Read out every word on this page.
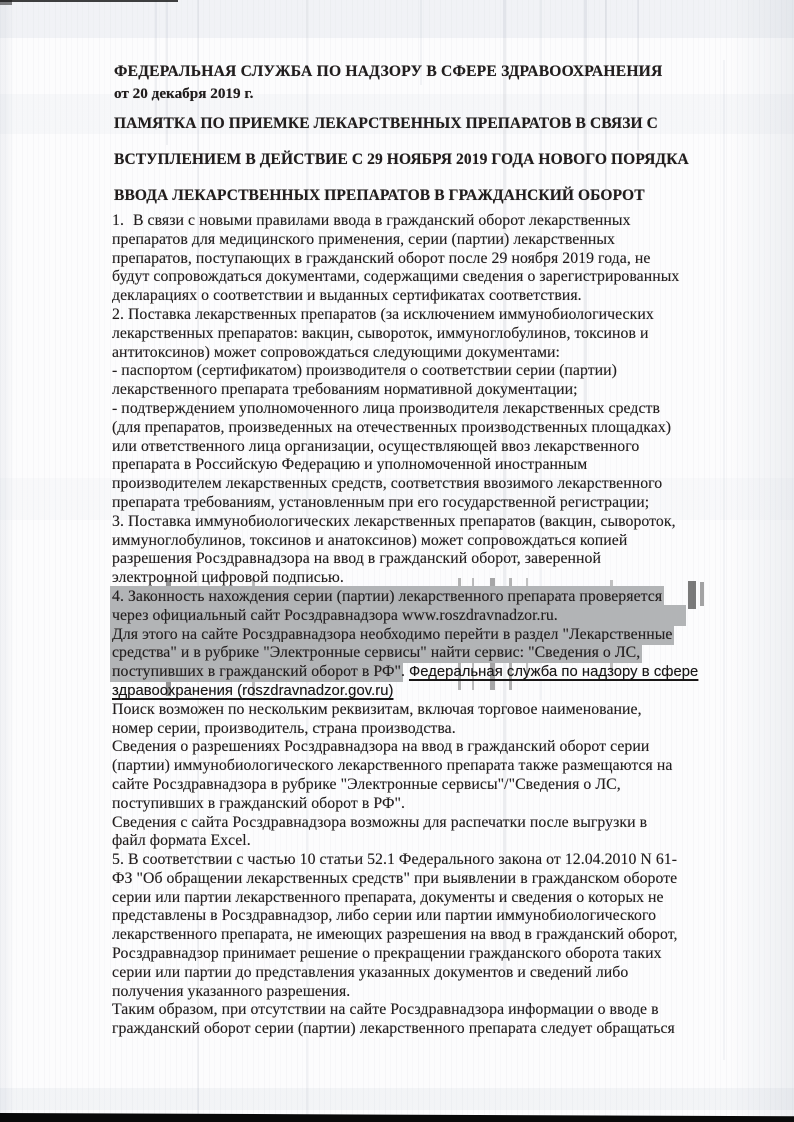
ФЕДЕРАЛЬНАЯ СЛУЖБА ПО НАДЗОРУ В СФЕРЕ ЗДРАВООХРАНЕНИЯ
от 20 декабря 2019 г.
ПАМЯТКА ПО ПРИЕМКЕ ЛЕКАРСТВЕННЫХ ПРЕПАРАТОВ В СВЯЗИ С
ВСТУПЛЕНИЕМ В ДЕЙСТВИЕ С 29 НОЯБРЯ 2019 ГОДА НОВОГО ПОРЯДКА
ВВОДА ЛЕКАРСТВЕННЫХ ПРЕПАРАТОВ В ГРАЖДАНСКИЙ ОБОРОТ
1. В связи с новыми правилами ввода в гражданский оборот лекарственных
препаратов для медицинского применения, серии (партии) лекарственных
препаратов, поступающих в гражданский оборот после 29 ноября 2019 года, не
будут сопровождаться документами, содержащими сведения о зарегистрированных
декларациях о соответствии и выданных сертификатах соответствия.
2. Поставка лекарственных препаратов (за исключением иммунобиологических
лекарственных препаратов: вакцин, сывороток, иммуноглобулинов, токсинов и
антитоксинов) может сопровождаться следующими документами:
- паспортом (сертификатом) производителя о соответствии серии (партии)
лекарственного препарата требованиям нормативной документации;
- подтверждением уполномоченного лица производителя лекарственных средств
(для препаратов, произведенных на отечественных производственных площадках)
или ответственного лица организации, осуществляющей ввоз лекарственного
препарата в Российскую Федерацию и уполномоченной иностранным
производителем лекарственных средств, соответствия ввозимого лекарственного
препарата требованиям, установленным при его государственной регистрации;
3. Поставка иммунобиологических лекарственных препаратов (вакцин, сывороток,
иммуноглобулинов, токсинов и анатоксинов) может сопровождаться копией
разрешения Росздравнадзора на ввод в гражданский оборот, заверенной
электронной цифровой подписью.
4. Законность нахождения серии (партии) лекарственного препарата проверяется
через официальный сайт Росздравнадзора www.roszdravnadzor.ru.
Для этого на сайте Росздравнадзора необходимо перейти в раздел "Лекарственные
средства" и в рубрике "Электронные сервисы" найти сервис: "Сведения о ЛС,
поступивших в гражданский оборот в РФ". Федеральная служба по надзору в сфере
здравоохранения (roszdravnadzor.gov.ru)
Поиск возможен по нескольким реквизитам, включая торговое наименование,
номер серии, производитель, страна производства.
Сведения о разрешениях Росздравнадзора на ввод в гражданский оборот серии
(партии) иммунобиологического лекарственного препарата также размещаются на
сайте Росздравнадзора в рубрике "Электронные сервисы"/"Сведения о ЛС,
поступивших в гражданский оборот в РФ".
Сведения с сайта Росздравнадзора возможны для распечатки после выгрузки в
файл формата Excel.
5. В соответствии с частью 10 статьи 52.1 Федерального закона от 12.04.2010 N 61-
ФЗ "Об обращении лекарственных средств" при выявлении в гражданском обороте
серии или партии лекарственного препарата, документы и сведения о которых не
представлены в Росздравнадзор, либо серии или партии иммунобиологического
лекарственного препарата, не имеющих разрешения на ввод в гражданский оборот,
Росздравнадзор принимает решение о прекращении гражданского оборота таких
серии или партии до представления указанных документов и сведений либо
получения указанного разрешения.
Таким образом, при отсутствии на сайте Росздравнадзора информации о вводе в
гражданский оборот серии (партии) лекарственного препарата следует обращаться
